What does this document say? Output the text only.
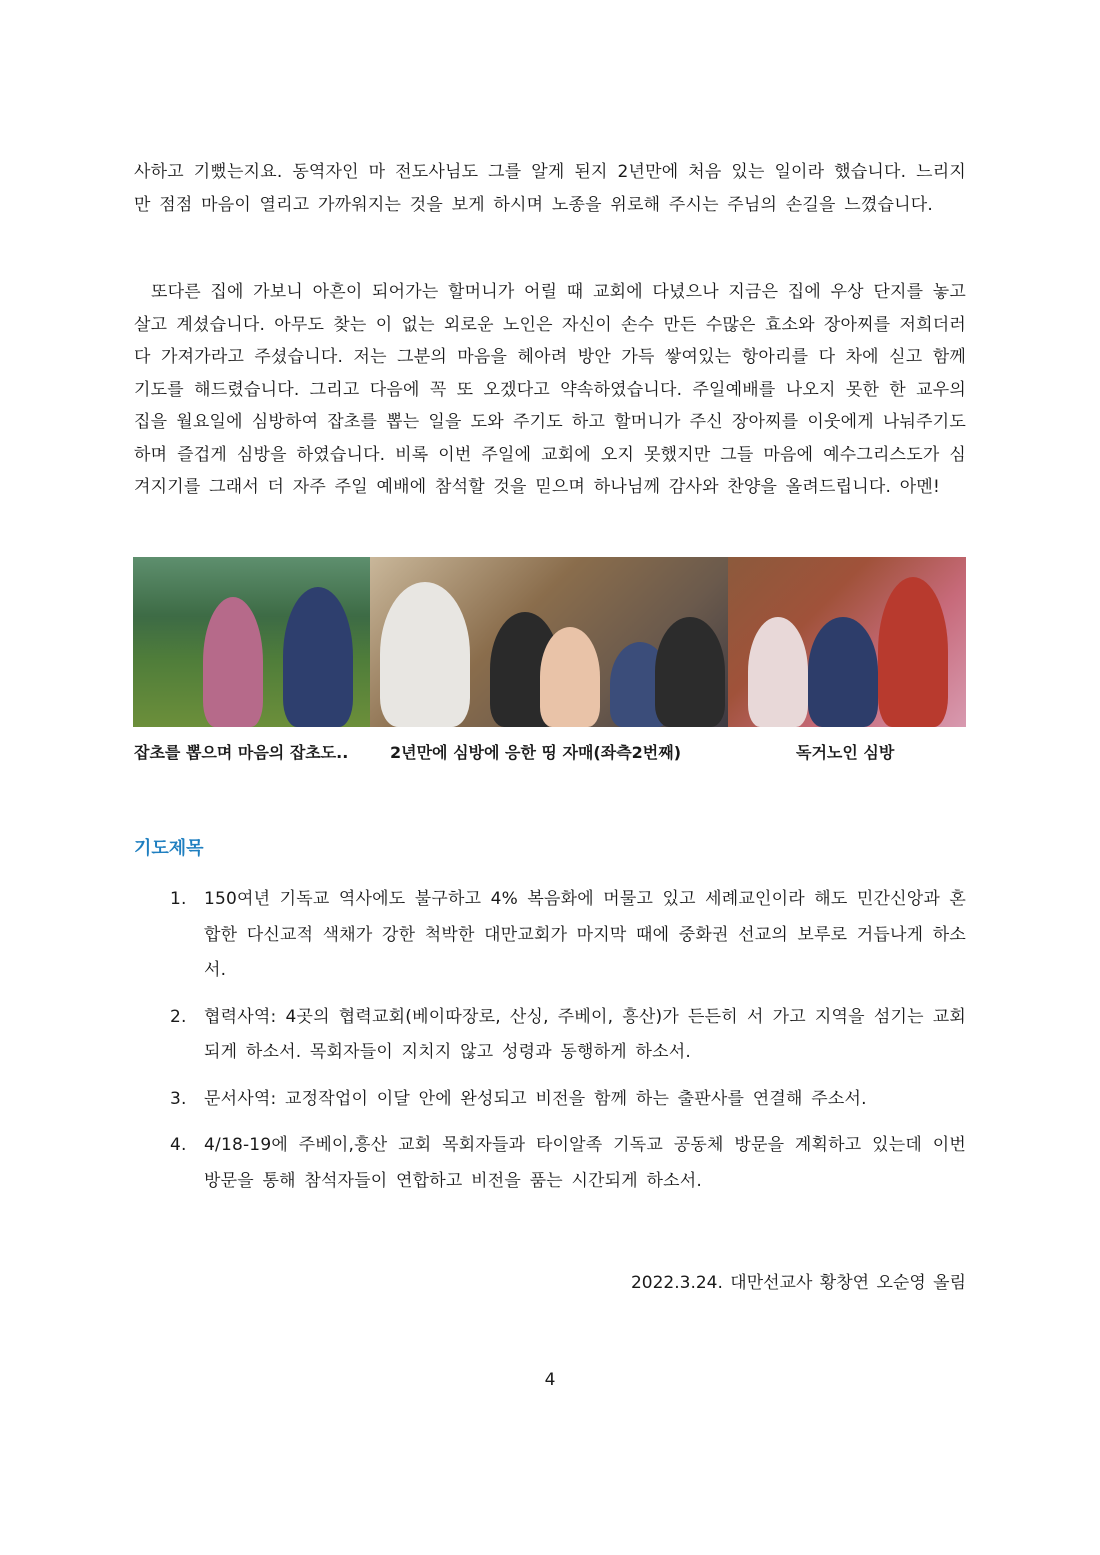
사하고 기뻤는지요. 동역자인 마 전도사님도 그를 알게 된지 2년만에 처음 있는 일이라 했습니다. 느리지만 점점 마음이 열리고 가까워지는 것을 보게 하시며 노종을 위로해 주시는 주님의 손길을 느꼈습니다.

또다른 집에 가보니 아흔이 되어가는 할머니가 어릴 때 교회에 다녔으나 지금은 집에 우상 단지를 놓고 살고 계셨습니다. 아무도 찾는 이 없는 외로운 노인은 자신이 손수 만든 수많은 효소와 장아찌를 저희더러 다 가져가라고 주셨습니다. 저는 그분의 마음을 헤아려 방안 가득 쌓여있는 항아리를 다 차에 싣고 함께 기도를 해드렸습니다. 그리고 다음에 꼭 또 오겠다고 약속하였습니다. 주일예배를 나오지 못한 한 교우의 집을 월요일에 심방하여 잡초를 뽑는 일을 도와 주기도 하고 할머니가 주신 장아찌를 이웃에게 나눠주기도 하며 즐겁게 심방을 하였습니다. 비록 이번 주일에 교회에 오지 못했지만 그들 마음에 예수그리스도가 심겨지기를 그래서 더 자주 주일 예배에 참석할 것을 믿으며 하나님께 감사와 찬양을 올려드립니다. 아멘!

잡초를 뽑으며 마음의 잡초도..	2년만에 심방에 응한 띵 자매(좌측2번째)	독거노인 심방
기도제목
1. 150여년 기독교 역사에도 불구하고 4% 복음화에 머물고 있고 세례교인이라 해도 민간신앙과 혼합한 다신교적 색채가 강한 척박한 대만교회가 마지막 때에 중화권 선교의 보루로 거듭나게 하소서.
2. 협력사역: 4곳의 협력교회(베이따장로, 산싱, 주베이, 흥산)가 든든히 서 가고 지역을 섬기는 교회되게 하소서. 목회자들이 지치지 않고 성령과 동행하게 하소서.
3. 문서사역: 교정작업이 이달 안에 완성되고 비전을 함께 하는 출판사를 연결해 주소서.
4. 4/18-19에 주베이,흥산 교회 목회자들과 타이알족 기독교 공동체 방문을 계획하고 있는데 이번 방문을 통해 참석자들이 연합하고 비전을 품는 시간되게 하소서.
2022.3.24. 대만선교사 황창연 오순영 올림
4
